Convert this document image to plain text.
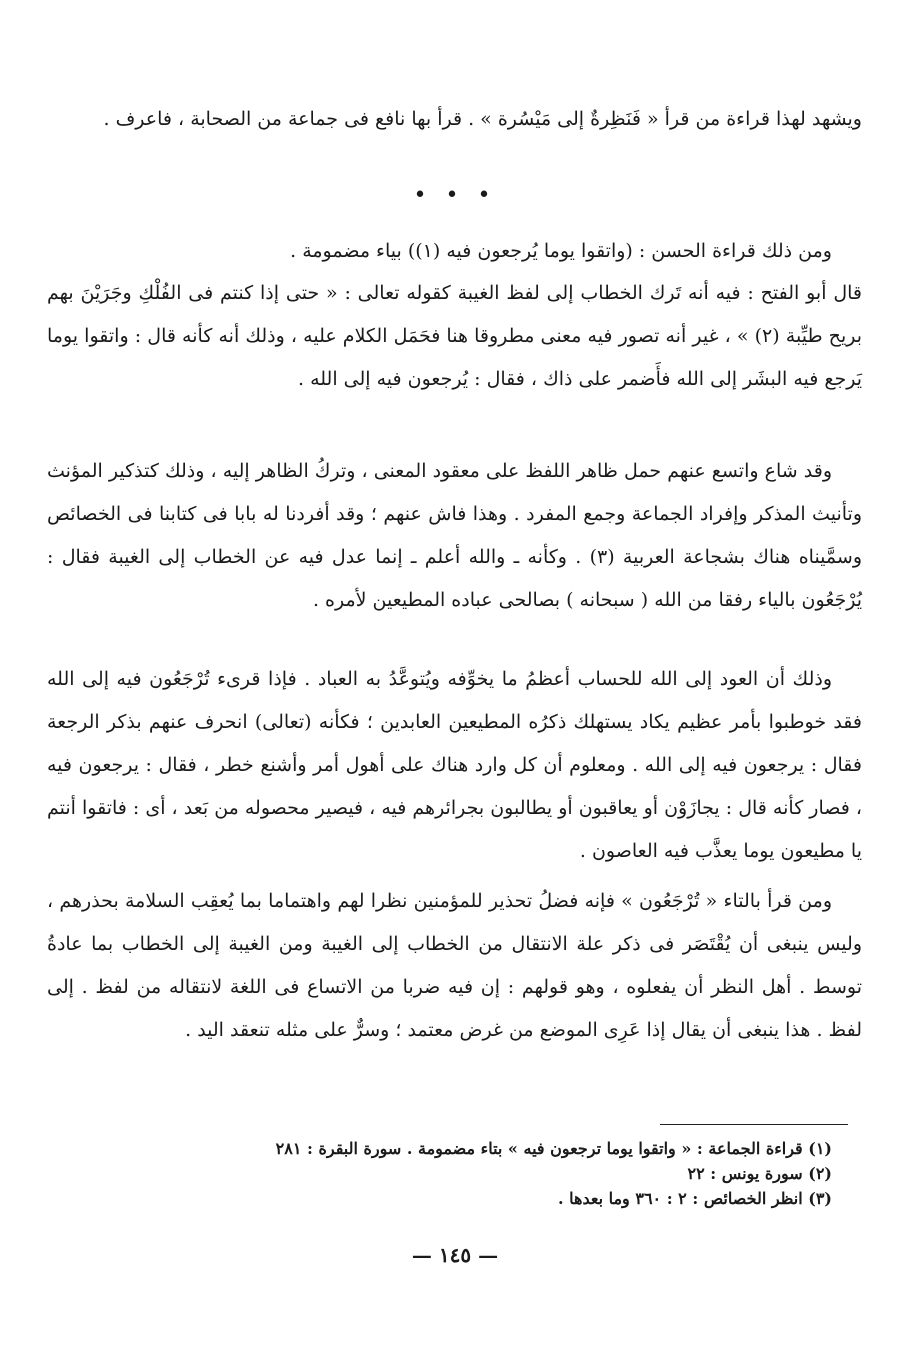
ويشهد لهذا قراءة من قرأ « فَنَظِرةٌ إلى مَيْسُرة » . قرأ بها نافع فى جماعة من الصحابة ، فاعرف .

• • •

ومن ذلك قراءة الحسن : (واتقوا يوما يُرجعون فيه (١)) بياء مضمومة .

قال أبو الفتح : فيه أنه تَرك الخطاب إلى لفظ الغيبة كقوله تعالى : « حتى إذا كنتم فى الفُلْكِ وجَرَيْنَ بهم بريح طيِّبة (٢) » ، غير أنه تصور فيه معنى مطروقا هنا فحَمَل الكلام عليه ، وذلك أنه كأنه قال : واتقوا يوما يَرجع فيه البشَر إلى الله فأَضمر على ذاك ، فقال : يُرجعون فيه إلى الله .

وقد شاع واتسع عنهم حمل ظاهر اللفظ على معقود المعنى ، وتركُ الظاهر إليه ، وذلك كتذكير المؤنث وتأنيث المذكر وإفراد الجماعة وجمع المفرد . وهذا فاش عنهم ؛ وقد أفردنا له بابا فى كتابنا فى الخصائص وسمَّيناه هناك بشجاعة العربية (٣) . وكأنه ـ والله أعلم ـ إنما عدل فيه عن الخطاب إلى الغيبة فقال : يُرْجَعُون بالياء رفقا من الله ( سبحانه ) بصالحى عباده المطيعين لأمره .

وذلك أن العود إلى الله للحساب أعظمُ ما يخوِّفه ويُتوعَّدُ به العباد . فإذا قرىء تُرْجَعُون فيه إلى الله فقد خوطبوا بأمر عظيم يكاد يستهلك ذكرُه المطيعين العابدين ؛ فكأنه (تعالى) انحرف عنهم بذكر الرجعة فقال : يرجعون فيه إلى الله . ومعلوم أن كل وارد هناك على أهول أمر وأشنع خطر ، فقال : يرجعون فيه ، فصار كأنه قال : يجازَوْن أو يعاقبون أو يطالبون بجرائرهم فيه ، فيصير محصوله من بَعد ، أى : فاتقوا أنتم يا مطيعون يوما يعذَّب فيه العاصون .

ومن قرأ بالتاء « تُرْجَعُون » فإنه فضلُ تحذير للمؤمنين نظرا لهم واهتماما بما يُعقِب السلامة بحذرهم ، وليس ينبغى أن يُقْتَصَر فى ذكر علة الانتقال من الخطاب إلى الغيبة ومن الغيبة إلى الخطاب بما عادةُ توسط . أهل النظر أن يفعلوه ، وهو قولهم : إن فيه ضربا من الاتساع فى اللغة لانتقاله من لفظ . إلى لفظ . هذا ينبغى أن يقال إذا عَرِى الموضع من غرض معتمد ؛ وسرٌّ على مثله تنعقد اليد .

(١) قراءة الجماعة : « واتقوا يوما ترجعون فيه » بتاء مضمومة . سورة البقرة : ٢٨١
(٢) سورة يونس : ٢٢
(٣) انظر الخصائص : ٢ : ٣٦٠ وما بعدها .
— ١٤٥ —
